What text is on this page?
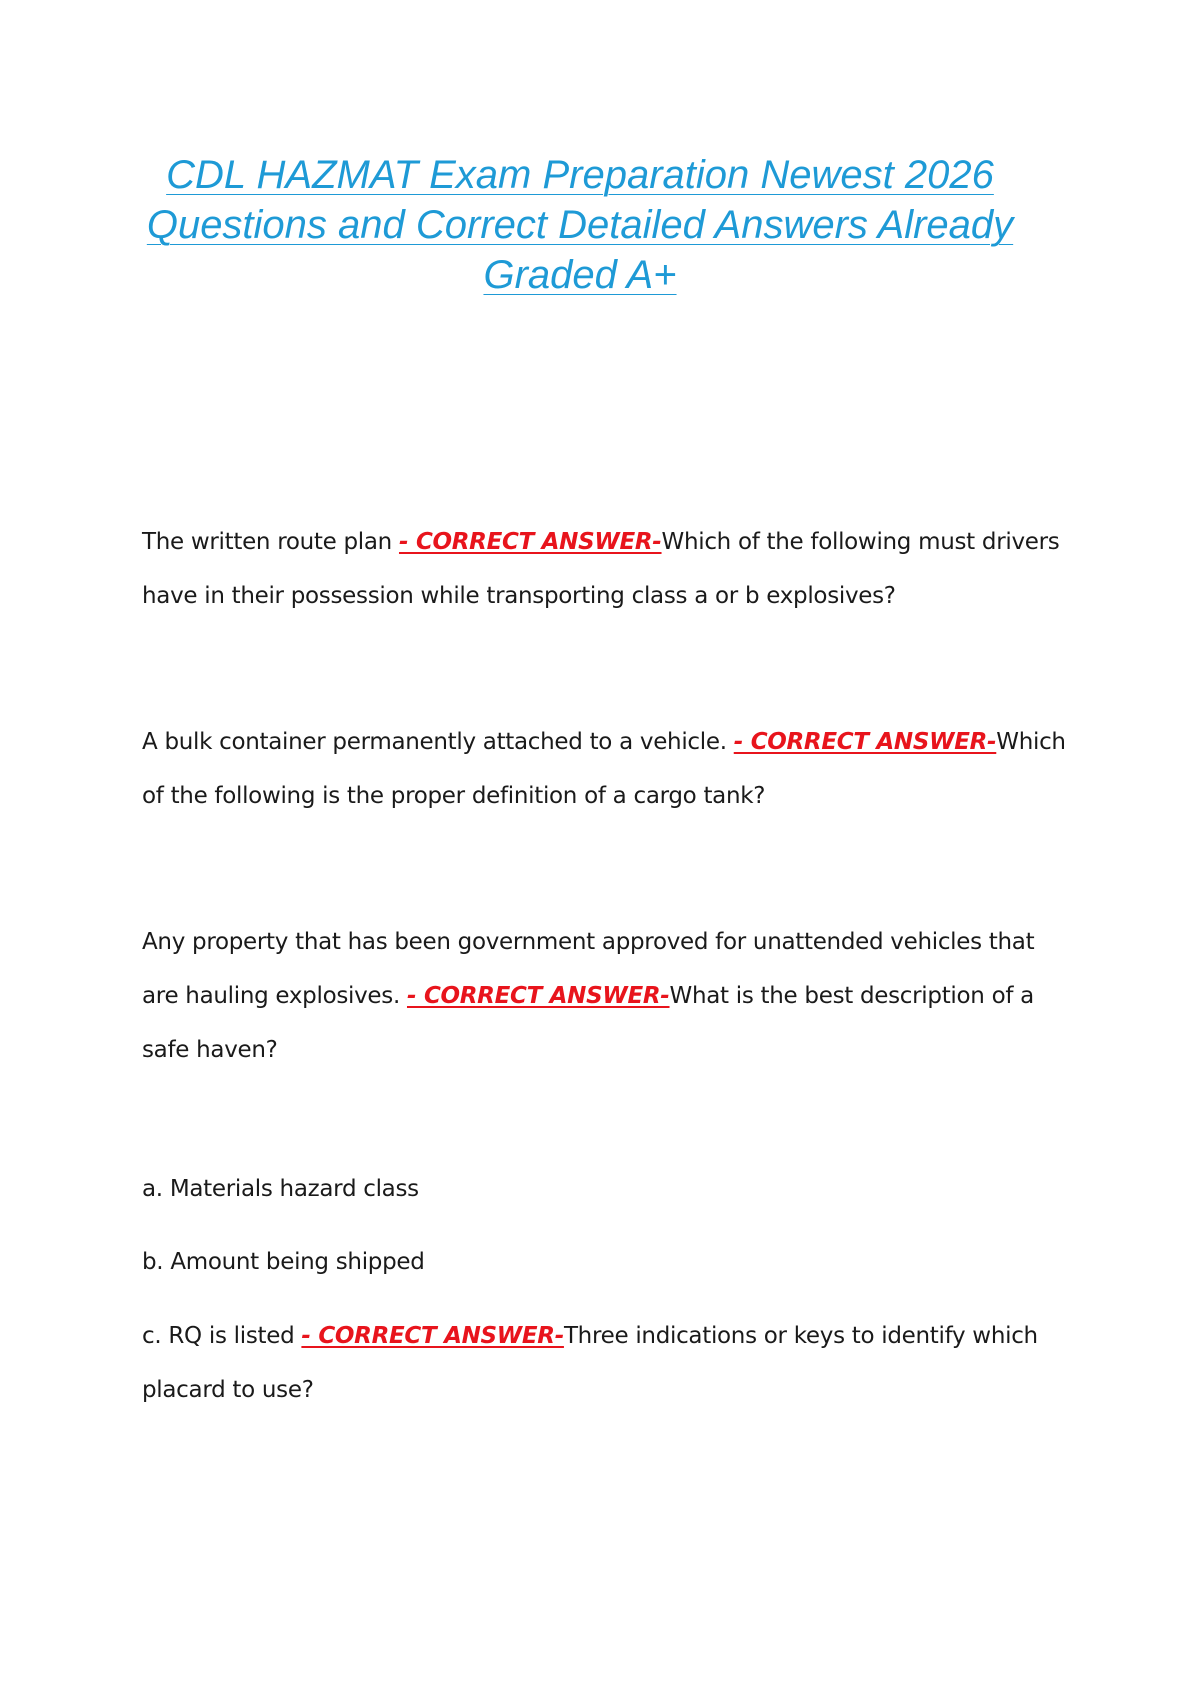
CDL HAZMAT Exam Preparation Newest 2026 Questions and Correct Detailed Answers Already Graded A+
The written route plan - CORRECT ANSWER-Which of the following must drivers have in their possession while transporting class a or b explosives?
A bulk container permanently attached to a vehicle. - CORRECT ANSWER-Which of the following is the proper definition of a cargo tank?
Any property that has been government approved for unattended vehicles that are hauling explosives. - CORRECT ANSWER-What is the best description of a safe haven?
a. Materials hazard class
b. Amount being shipped
c. RQ is listed - CORRECT ANSWER-Three indications or keys to identify which placard to use?
